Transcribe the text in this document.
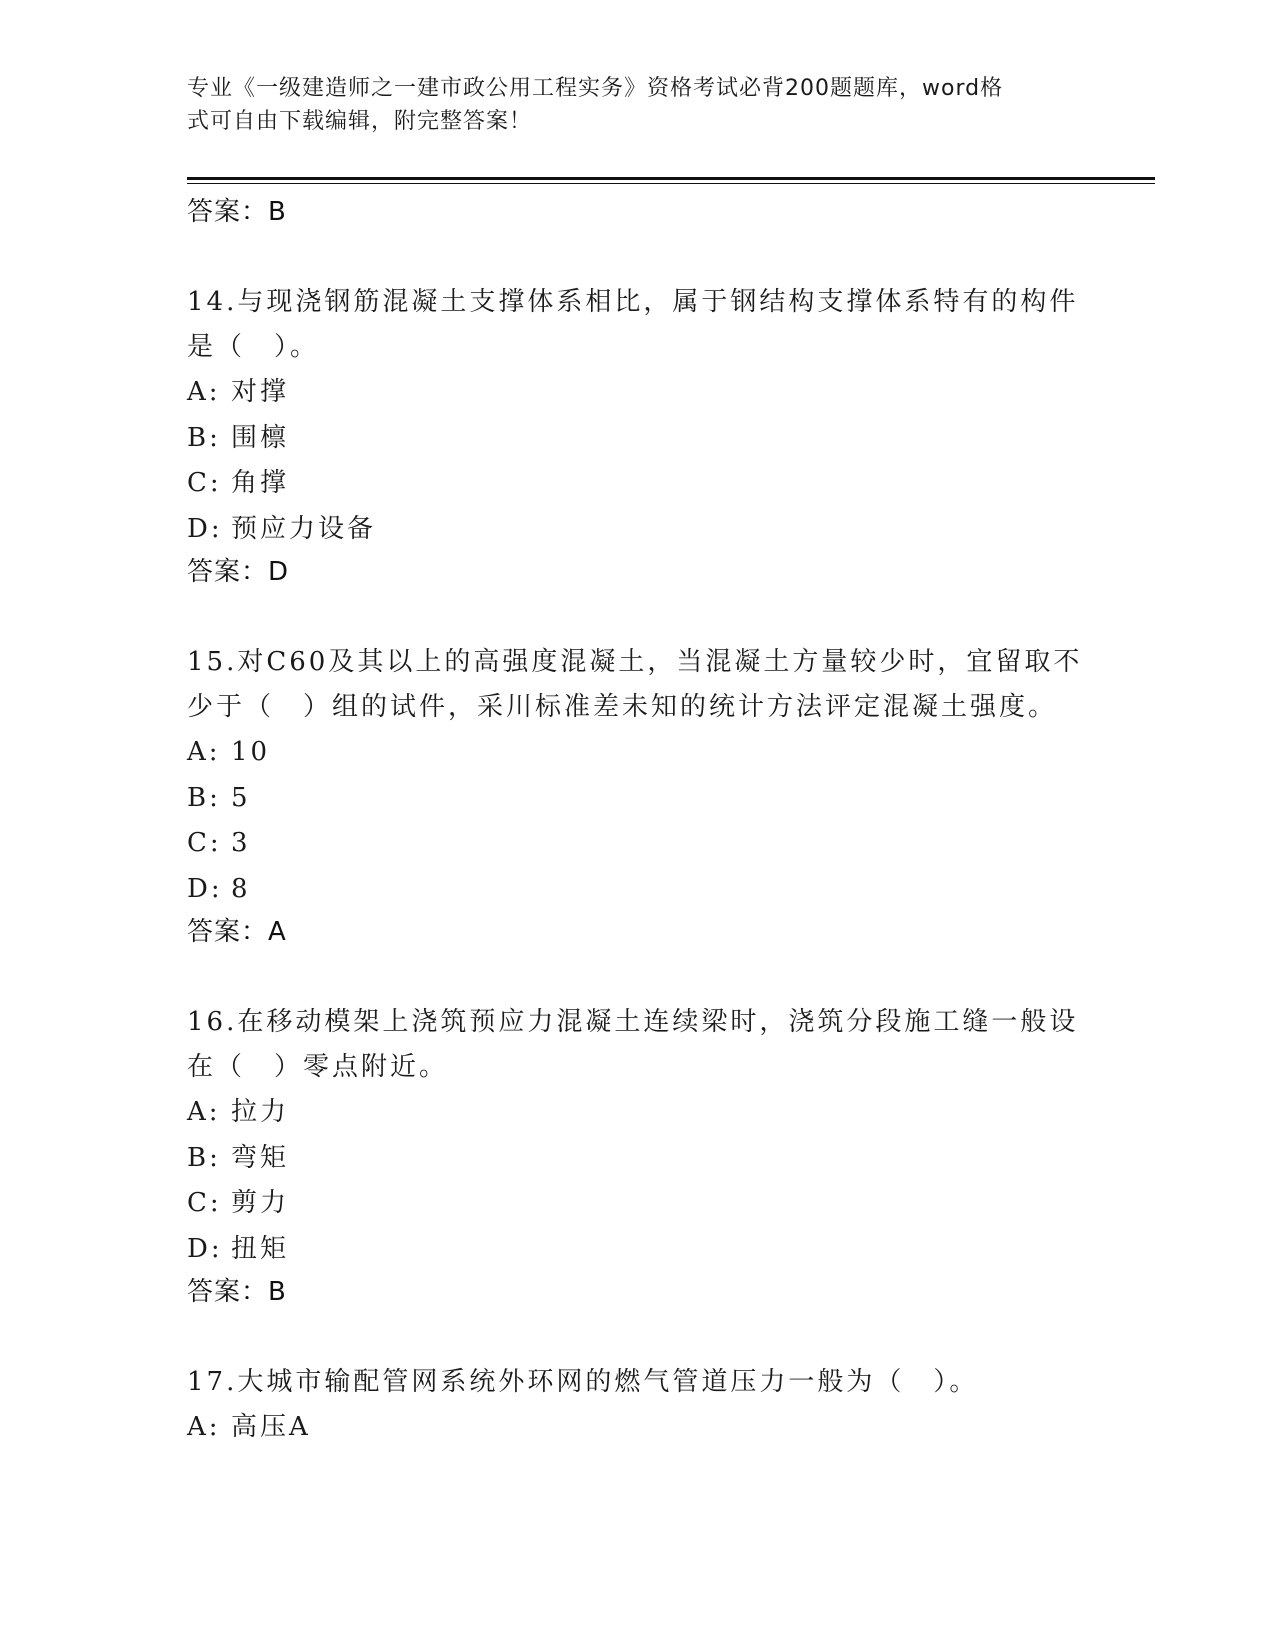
专业《一级建造师之一建市政公用工程实务》资格考试必背200题题库，word格
式可自由下载编辑，附完整答案！
答案：B
14.与现浇钢筋混凝土支撑体系相比，属于钢结构支撑体系特有的构件
是（　）。
A: 对撑
B: 围檩
C: 角撑
D: 预应力设备
答案：D
15.对C60及其以上的高强度混凝土，当混凝土方量较少时，宜留取不
少于（　）组的试件，采川标准差未知的统计方法评定混凝土强度。
A: 10
B: 5
C: 3
D: 8
答案：A
16.在移动模架上浇筑预应力混凝土连续梁时，浇筑分段施工缝一般设
在（　）零点附近。
A: 拉力
B: 弯矩
C: 剪力
D: 扭矩
答案：B
17.大城市输配管网系统外环网的燃气管道压力一般为（　）。
A: 高压A
